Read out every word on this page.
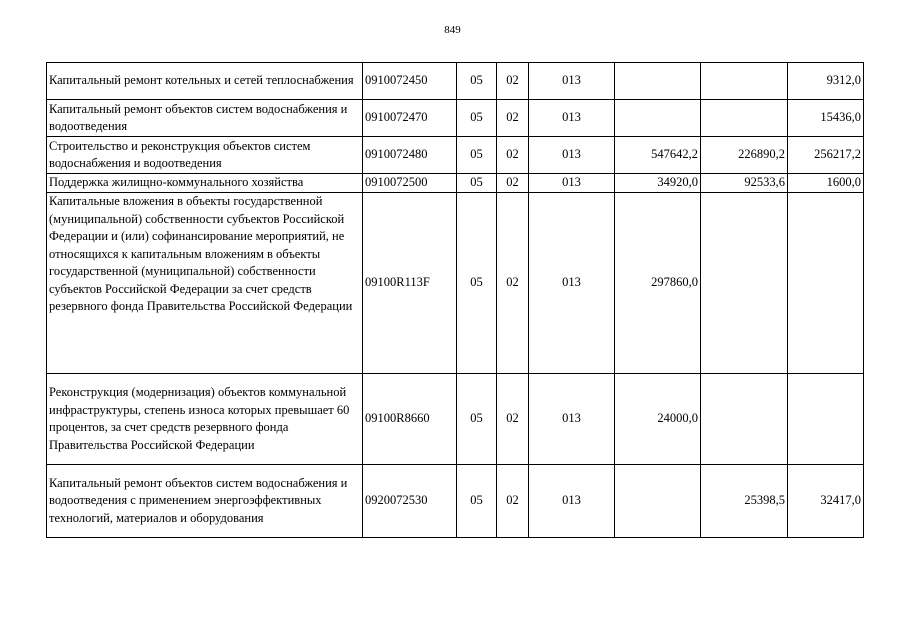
849
Капитальный ремонт котельных и сетей теплоснабжения	0910072450	05	02	013			9312,0
Капитальный ремонт объектов систем водоснабжения и водоотведения	0910072470	05	02	013			15436,0
Строительство и реконструкция объектов систем водоснабжения и водоотведения	0910072480	05	02	013	547642,2	226890,2	256217,2
Поддержка жилищно-коммунального хозяйства	0910072500	05	02	013	34920,0	92533,6	1600,0
Капитальные вложения в объекты государственной (муниципальной) собственности субъектов Российской Федерации и (или) софинансирование мероприятий, не относящихся к капитальным вложениям в объекты государственной (муниципальной) собственности субъектов Российской Федерации за счет средств резервного фонда Правительства Российской Федерации	09100R113F	05	02	013	297860,0		
Реконструкция (модернизация) объектов коммунальной инфраструктуры, степень износа которых превышает 60 процентов, за счет средств резервного фонда Правительства Российской Федерации	09100R8660	05	02	013	24000,0		
Капитальный ремонт объектов систем водоснабжения и водоотведения с применением энергоэффективных технологий, материалов и оборудования	0920072530	05	02	013		25398,5	32417,0
